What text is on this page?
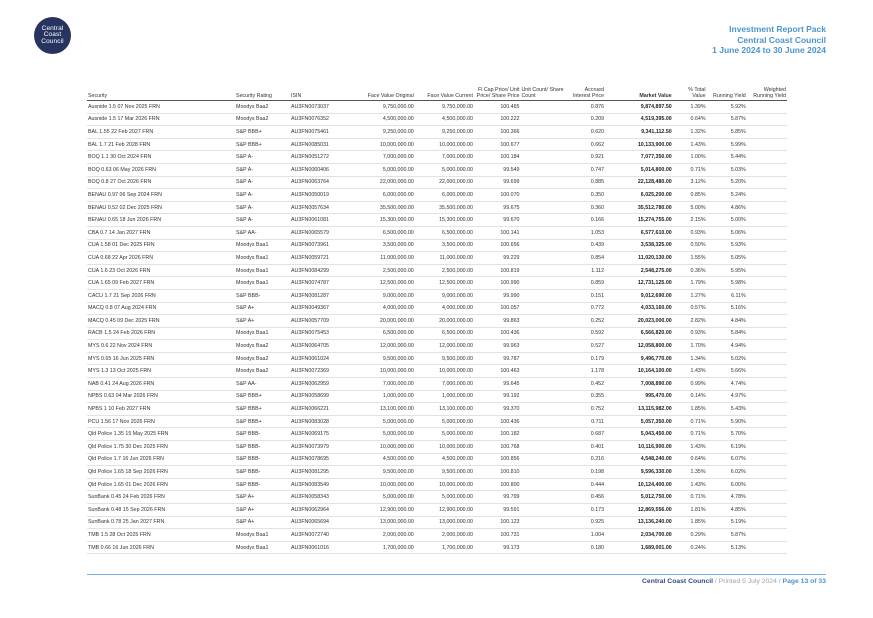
Central
Coast
Council
Investment Report Pack
Central Coast Council
1 June 2024 to 30 June 2024
Security	Security Rating	ISIN	Face Value Original	Face Value Current	Fl Cap Price/ Unit Price/ Share Price	Unit Count/ Share Count	Accrued Interest Price	Market Value	% Total Value	Running Yield	Weighted Running Yield
Ausnide 1.5 07 Nov 2025 FRN	Moodys Baa2	AU3FN0073037	9,750,000.00	9,750,000.00	100.465		0.876	9,874,897.50	1.39%	5.92%	
Ausnide 1.5 17 Mar 2026 FRN	Moodys Baa2	AU3FN0076352	4,500,000.00	4,500,000.00	100.222		0.209	4,519,395.00	0.64%	5.87%	
BAL 1.55 22 Feb 2027 FRN	S&P BBB+	AU3FN0075461	9,250,000.00	9,250,000.00	100.366		0.620	9,341,112.50	1.32%	5.85%	
BAL 1.7 21 Feb 2028 FRN	S&P BBB+	AU3FN0085031	10,000,000.00	10,000,000.00	100.677		0.662	10,133,900.00	1.43%	5.99%	
BOQ 1.1 30 Oct 2024 FRN	S&P A-	AU3FN0051272	7,000,000.00	7,000,000.00	100.184		0.921	7,077,350.00	1.00%	5.44%	
BOQ 0.63 06 May 2026 FRN	S&P A-	AU3FN0060406	5,000,000.00	5,000,000.00	99.549		0.747	5,014,800.00	0.71%	5.03%	
BOQ 0.8 27 Oct 2026 FRN	S&P A-	AU3FN0063764	22,000,000.00	22,000,000.00	99.699		0.885	22,128,480.00	3.12%	5.20%	
BENAU 0.97 06 Sep 2024 FRN	S&P A-	AU3FN0050019	6,000,000.00	6,000,000.00	100.070		0.350	6,025,200.00	0.85%	5.24%	
BENAU 0.52 02 Dec 2025 FRN	S&P A-	AU3FN0057634	35,500,000.00	35,500,000.00	99.675		0.360	35,512,780.00	5.00%	4.86%	
BENAU 0.65 18 Jun 2026 FRN	S&P A-	AU3FN0061081	15,300,000.00	15,300,000.00	99.670		0.166	15,274,755.00	2.15%	5.00%	
CBA 0.7 14 Jan 2027 FRN	S&P AA-	AU3FN0065579	6,500,000.00	6,500,000.00	100.141		1.053	6,577,610.00	0.93%	5.06%	
CUA 1.58 01 Dec 2025 FRN	Moodys Baa1	AU3FN0073961	3,500,000.00	3,500,000.00	100.656		0.439	3,538,325.00	0.50%	5.93%	
CUA 0.68 22 Apr 2026 FRN	Moodys Baa1	AU3FN0059721	11,000,000.00	11,000,000.00	99.229		0.854	11,020,130.00	1.55%	5.05%	
CUA 1.6 23 Oct 2026 FRN	Moodys Baa1	AU3FN0084299	2,500,000.00	2,500,000.00	100.819		1.112	2,548,275.00	0.36%	5.95%	
CUA 1.65 09 Feb 2027 FRN	Moodys Baa1	AU3FN0074787	12,500,000.00	12,500,000.00	100.990		0.859	12,731,125.00	1.79%	5.98%	
CACU 1.7 21 Sep 2026 FRN	S&P BBB-	AU3FN0081287	9,000,000.00	9,000,000.00	99.990		0.151	9,012,690.00	1.27%	6.11%	
MACQ 0.8 07 Aug 2024 FRN	S&P A+	AU3FN0049367	4,000,000.00	4,000,000.00	100.057		0.772	4,033,160.00	0.57%	5.16%	
MACQ 0.45 09 Dec 2025 FRN	S&P A+	AU3FN0057709	20,000,000.00	20,000,000.00	99.863		0.252	20,023,000.00	2.82%	4.84%	
RACB 1.5 24 Feb 2026 FRN	Moodys Baa1	AU3FN0075453	6,500,000.00	6,500,000.00	100.436		0.592	6,566,820.00	0.93%	5.84%	
MYS 0.6 22 Nov 2024 FRN	Moodys Baa2	AU3FN0064705	12,000,000.00	12,000,000.00	99.963		0.527	12,058,800.00	1.70%	4.94%	
MYS 0.65 16 Jun 2025 FRN	Moodys Baa2	AU3FN0061024	9,500,000.00	9,500,000.00	99.787		0.179	9,496,770.00	1.34%	5.02%	
MYS 1.3 13 Oct 2025 FRN	Moodys Baa2	AU3FN0072369	10,000,000.00	10,000,000.00	100.463		1.178	10,164,100.00	1.43%	5.66%	
NAB 0.41 24 Aug 2026 FRN	S&P AA-	AU3FN0062959	7,000,000.00	7,000,000.00	99.645		0.452	7,008,890.00	0.99%	4.74%	
NPBS 0.63 04 Mar 2026 FRN	S&P BBB+	AU3FN0058699	1,000,000.00	1,000,000.00	99.192		0.355	995,470.00	0.14%	4.97%	
NPBS 1 10 Feb 2027 FRN	S&P BBB+	AU3FN0066221	13,100,000.00	13,100,000.00	99.370		0.752	13,115,982.00	1.85%	5.43%	
PCU 1.56 17 Nov 2026 FRN	S&P BBB+	AU3FN0083028	5,000,000.00	5,000,000.00	100.436		0.711	5,057,350.00	0.71%	5.90%	
Qld Police 1.35 15 May 2025 FRN	S&P BBB-	AU3FN0069175	5,000,000.00	5,000,000.00	100.182		0.687	5,043,450.00	0.71%	5.70%	
Qld Police 1.75 30 Dec 2025 FRN	S&P BBB-	AU3FN0073979	10,000,000.00	10,000,000.00	100.768		0.401	10,116,900.00	1.43%	6.19%	
Qld Police 1.7 16 Jun 2026 FRN	S&P BBB-	AU3FN0078695	4,500,000.00	4,500,000.00	100.856		0.216	4,548,240.00	0.64%	6.07%	
Qld Police 1.65 18 Sep 2026 FRN	S&P BBB-	AU3FN0081295	9,500,000.00	9,500,000.00	100.810		0.198	9,596,330.00	1.35%	6.02%	
Qld Police 1.65 01 Dec 2026 FRN	S&P BBB-	AU3FN0083549	10,000,000.00	10,000,000.00	100.800		0.444	10,124,400.00	1.43%	6.00%	
SunBank 0.45 24 Feb 2026 FRN	S&P A+	AU3FN0058343	5,000,000.00	5,000,000.00	99.799		0.456	5,012,750.00	0.71%	4.78%	
SunBank 0.48 15 Sep 2026 FRN	S&P A+	AU3FN0062964	12,900,000.00	12,900,000.00	99.591		0.173	12,869,556.00	1.81%	4.85%	
SunBank 0.78 25 Jan 2027 FRN	S&P A+	AU3FN0065694	13,000,000.00	13,000,000.00	100.123		0.925	13,136,240.00	1.85%	5.19%	
TMB 1.5 28 Oct 2025 FRN	Moodys Baa1	AU3FN0072740	2,000,000.00	2,000,000.00	100.731		1.004	2,034,700.00	0.29%	5.87%	
TMB 0.66 16 Jun 2026 FRN	Moodys Baa1	AU3FN0061016	1,700,000.00	1,700,000.00	99.173		0.180	1,689,001.00	0.24%	5.13%	
Central Coast Council / Printed 5 July 2024 / Page 13 of 33
